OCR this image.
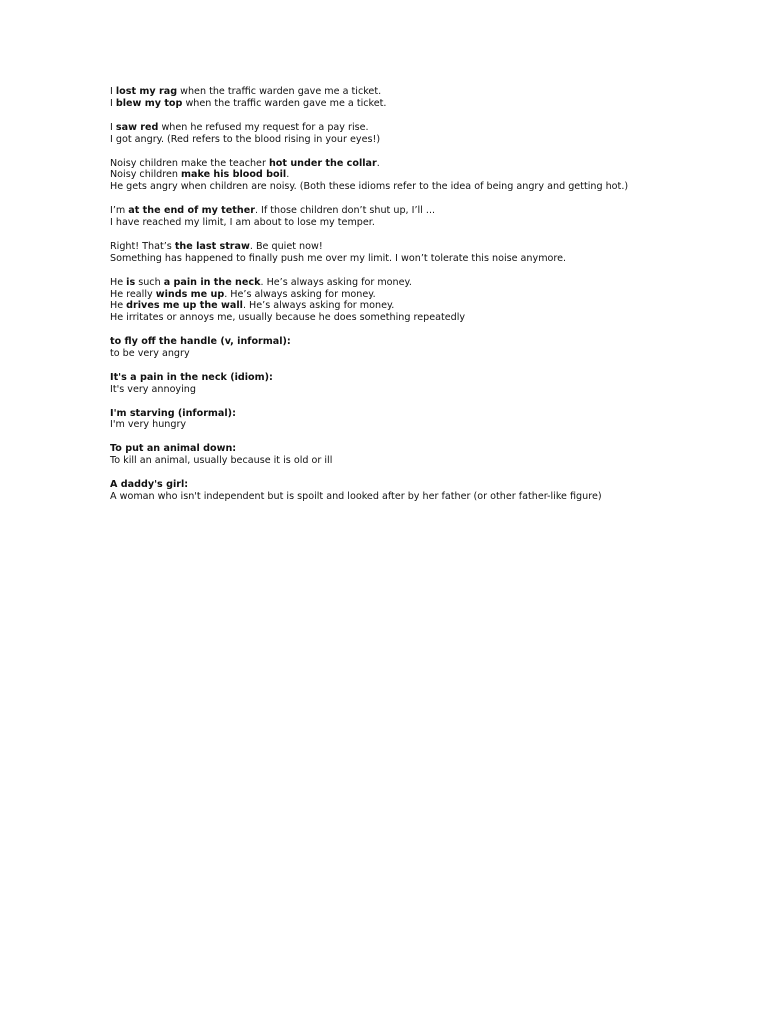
I lost my rag when the traffic warden gave me a ticket.
I blew my top when the traffic warden gave me a ticket.
I saw red when he refused my request for a pay rise.
I got angry. (Red refers to the blood rising in your eyes!)
Noisy children make the teacher hot under the collar.
Noisy children make his blood boil.
He gets angry when children are noisy. (Both these idioms refer to the idea of being angry and getting hot.)
I’m at the end of my tether. If those children don’t shut up, I’ll ...
I have reached my limit, I am about to lose my temper.
Right! That’s the last straw. Be quiet now!
Something has happened to finally push me over my limit. I won’t tolerate this noise anymore.
He is such a pain in the neck. He’s always asking for money.
He really winds me up. He’s always asking for money.
He drives me up the wall. He’s always asking for money.
He irritates or annoys me, usually because he does something repeatedly
to fly off the handle (v, informal):
to be very angry
It's a pain in the neck (idiom):
It's very annoying
I'm starving (informal):
I'm very hungry
To put an animal down:
To kill an animal, usually because it is old or ill
A daddy's girl:
A woman who isn't independent but is spoilt and looked after by her father (or other father-like figure)
